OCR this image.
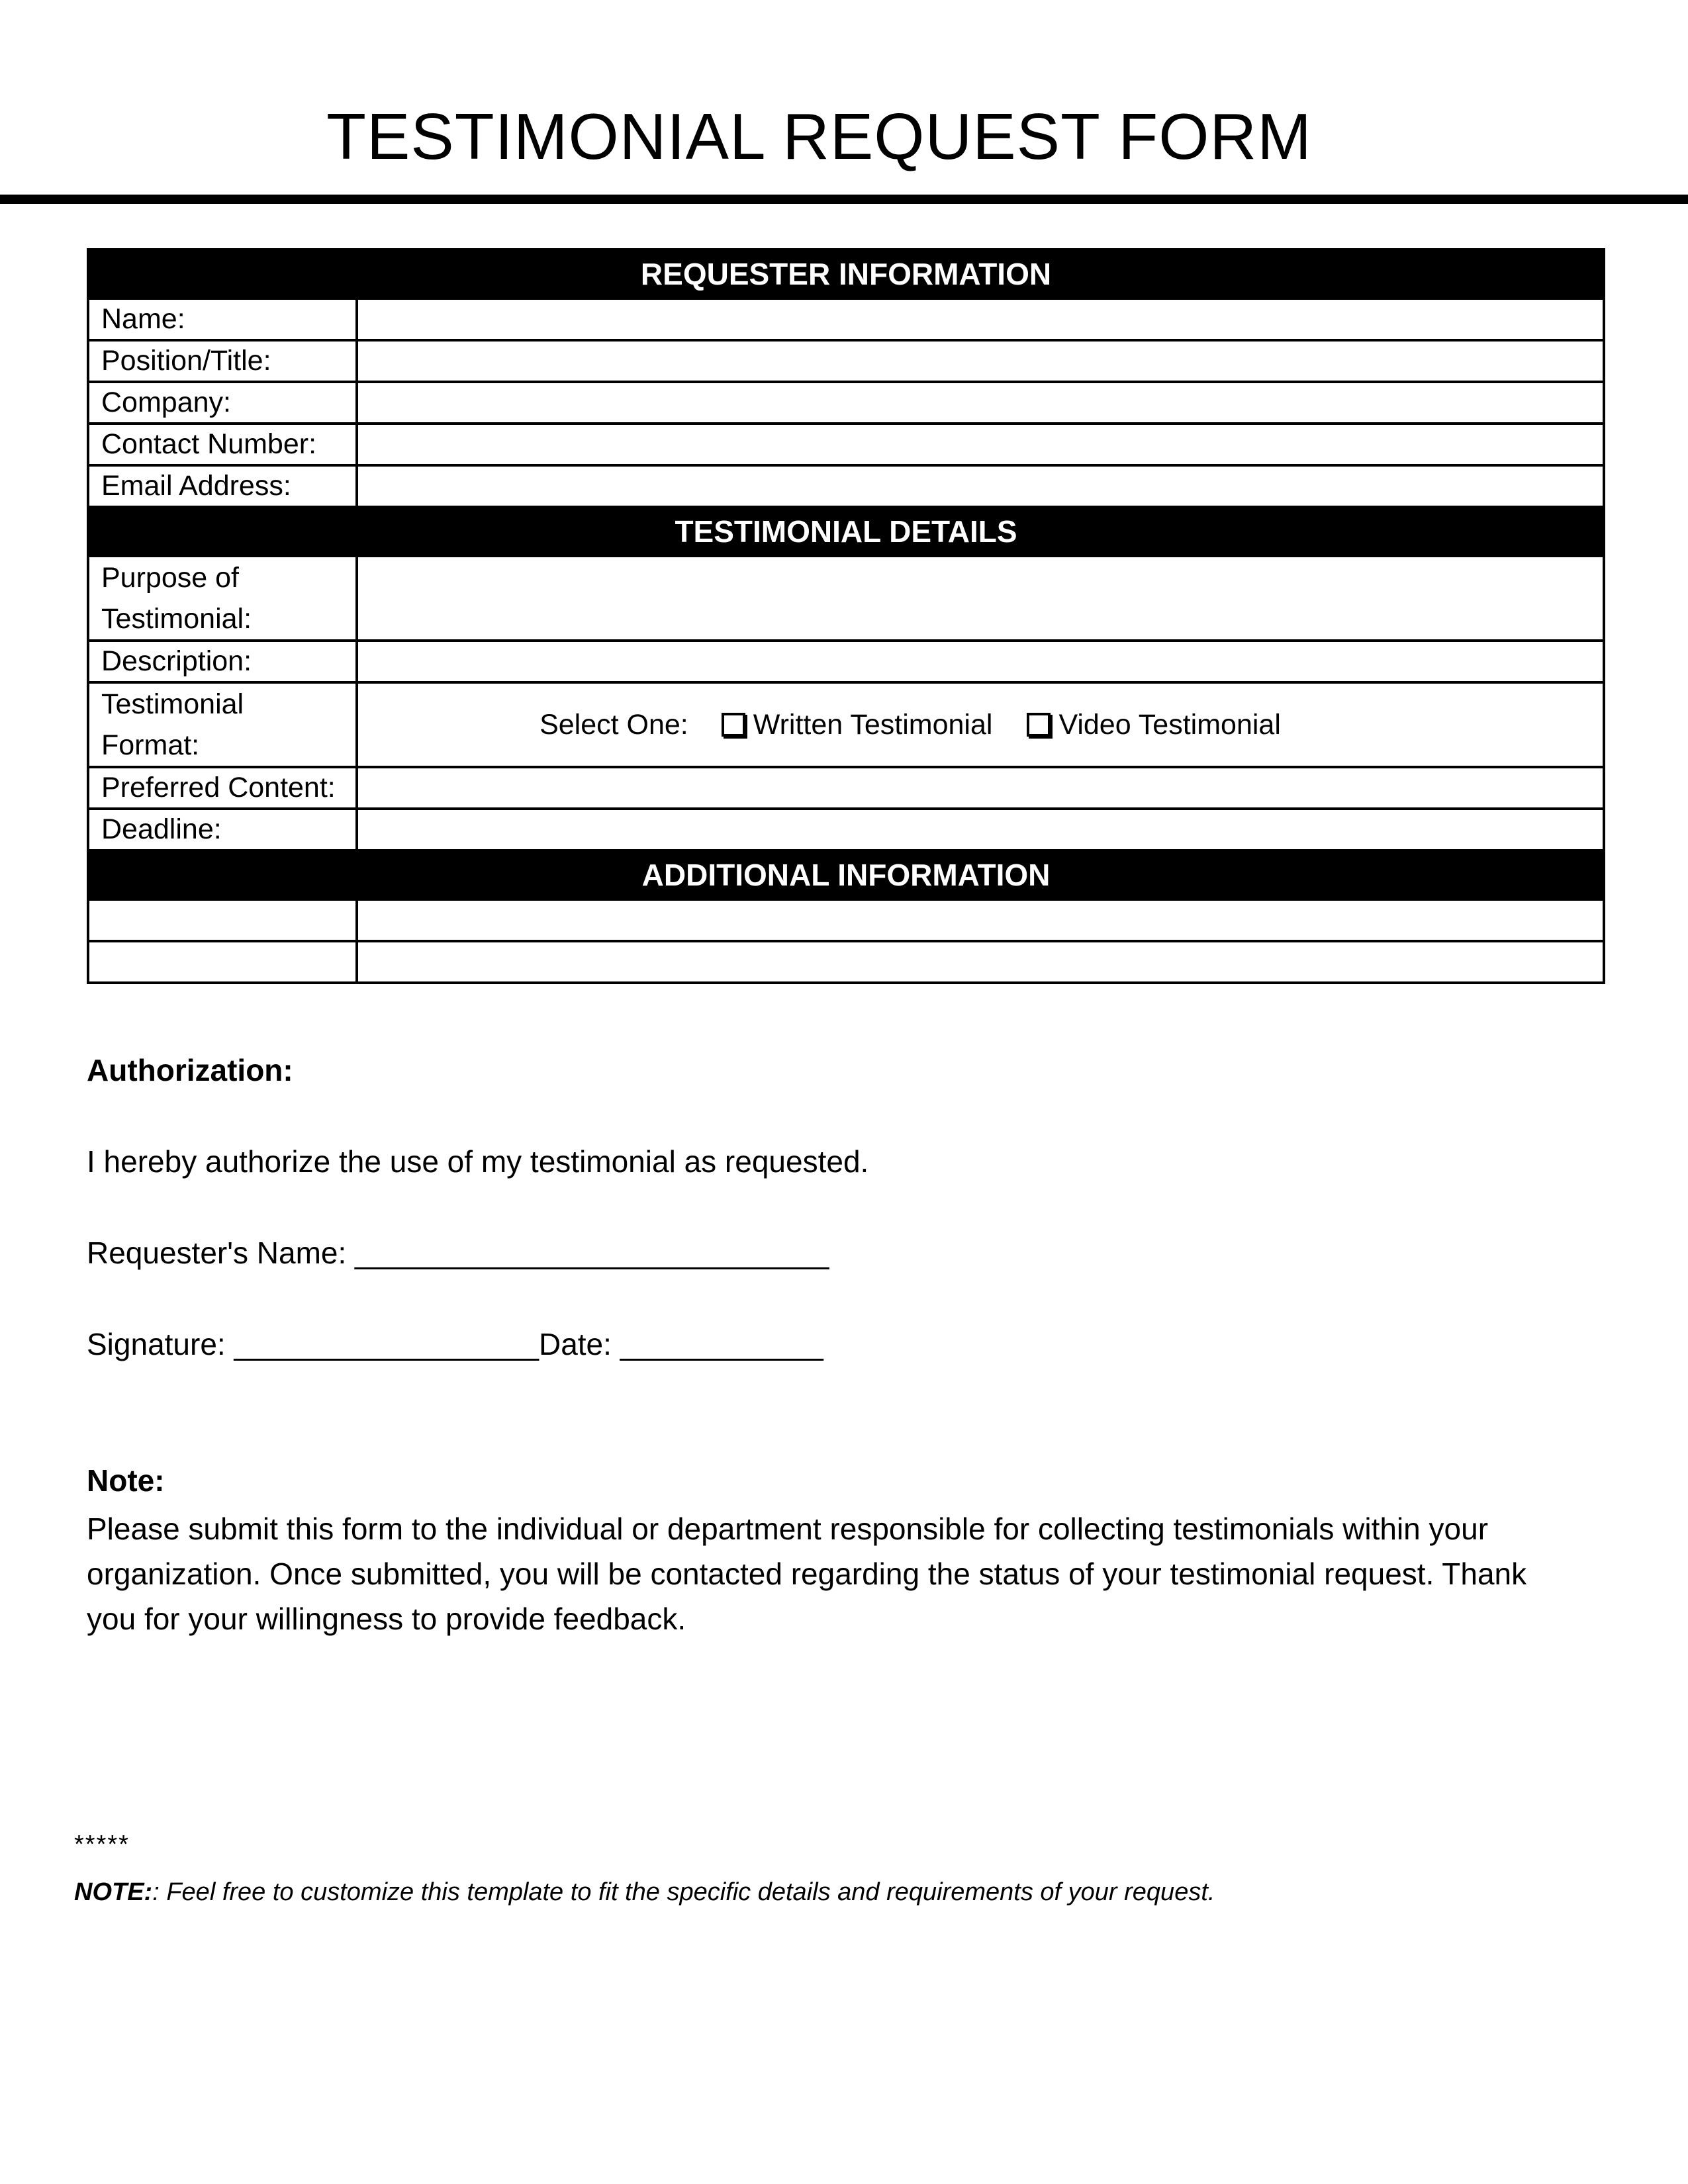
TESTIMONIAL REQUEST FORM
REQUESTER INFORMATION	
Name:	
Position/Title:	
Company:	
Contact Number:	
Email Address:	
TESTIMONIAL DETAILS	
Purpose of
Testimonial:	
Description:	
Testimonial
Format:	Select One: Written Testimonial Video Testimonial

Preferred Content:	
Deadline:	
ADDITIONAL INFORMATION	

Authorization:

I hereby authorize the use of my testimonial as requested.

Requester's Name: ____________________________

Signature: __________________Date: ____________

Note:

Please submit this form to the individual or department responsible for collecting testimonials within your organization. Once submitted, you will be contacted regarding the status of your testimonial request. Thank you for your willingness to provide feedback.

*****

NOTE:: Feel free to customize this template to fit the specific details and requirements of your request.
